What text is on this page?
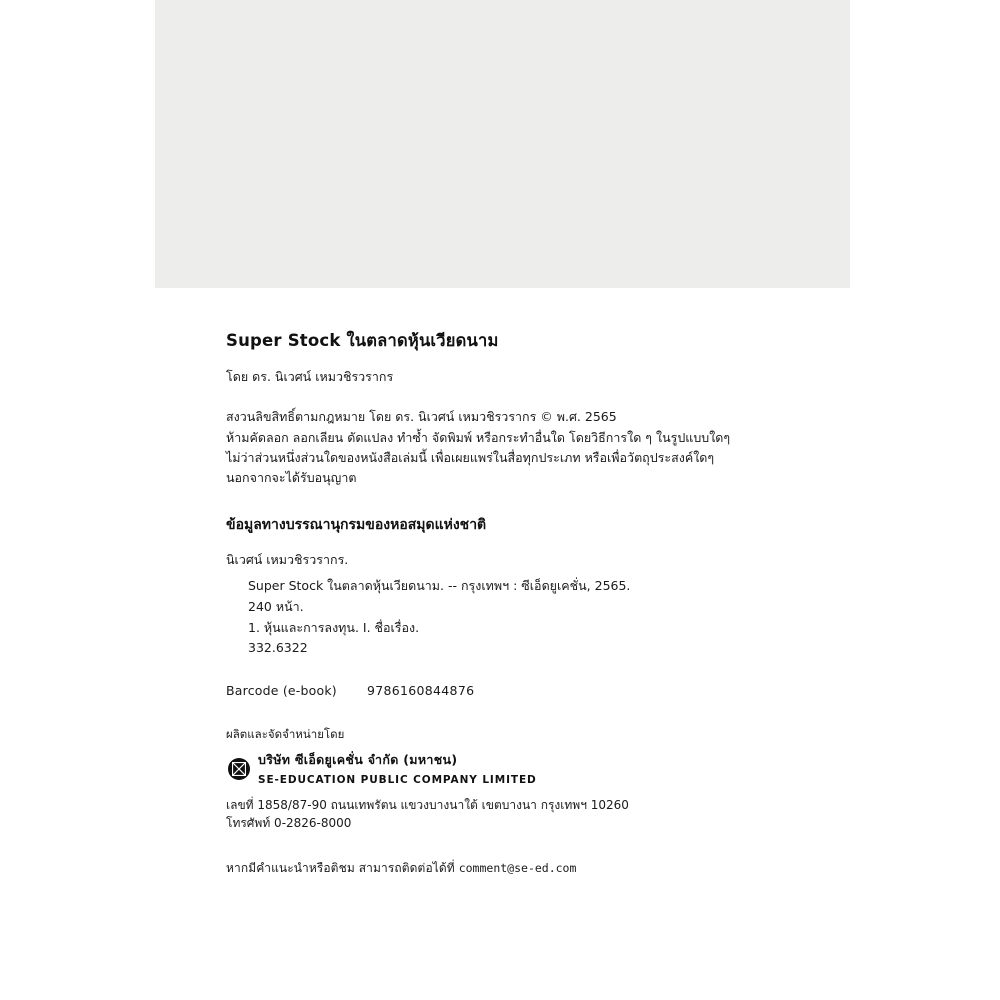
Super Stock ในตลาดหุ้นเวียดนาม
โดย ดร. นิเวศน์ เหมวชิรวรากร
สงวนลิขสิทธิ์ตามกฎหมาย โดย ดร. นิเวศน์ เหมวชิรวรากร © พ.ศ. 2565
ห้ามคัดลอก ลอกเลียน ดัดแปลง ทำซ้ำ จัดพิมพ์ หรือกระทำอื่นใด โดยวิธีการใด ๆ ในรูปแบบใดๆ
ไม่ว่าส่วนหนึ่งส่วนใดของหนังสือเล่มนี้ เพื่อเผยแพร่ในสื่อทุกประเภท หรือเพื่อวัตถุประสงค์ใดๆ
นอกจากจะได้รับอนุญาต
ข้อมูลทางบรรณานุกรมของหอสมุดแห่งชาติ
นิเวศน์ เหมวชิรวรากร.
Super Stock ในตลาดหุ้นเวียดนาม. -- กรุงเทพฯ : ซีเอ็ดยูเคชั่น, 2565.
240 หน้า.
1. หุ้นและการลงทุน. I. ชื่อเรื่อง.
332.6322
Barcode (e-book) 9786160844876
ผลิตและจัดจำหน่ายโดย
บริษัท ซีเอ็ดยูเคชั่น จำกัด (มหาชน)
SE-EDUCATION PUBLIC COMPANY LIMITED
เลขที่ 1858/87-90 ถนนเทพรัตน แขวงบางนาใต้ เขตบางนา กรุงเทพฯ 10260
โทรศัพท์ 0-2826-8000
หากมีคำแนะนำหรือติชม สามารถติดต่อได้ที่ comment@se-ed.com
